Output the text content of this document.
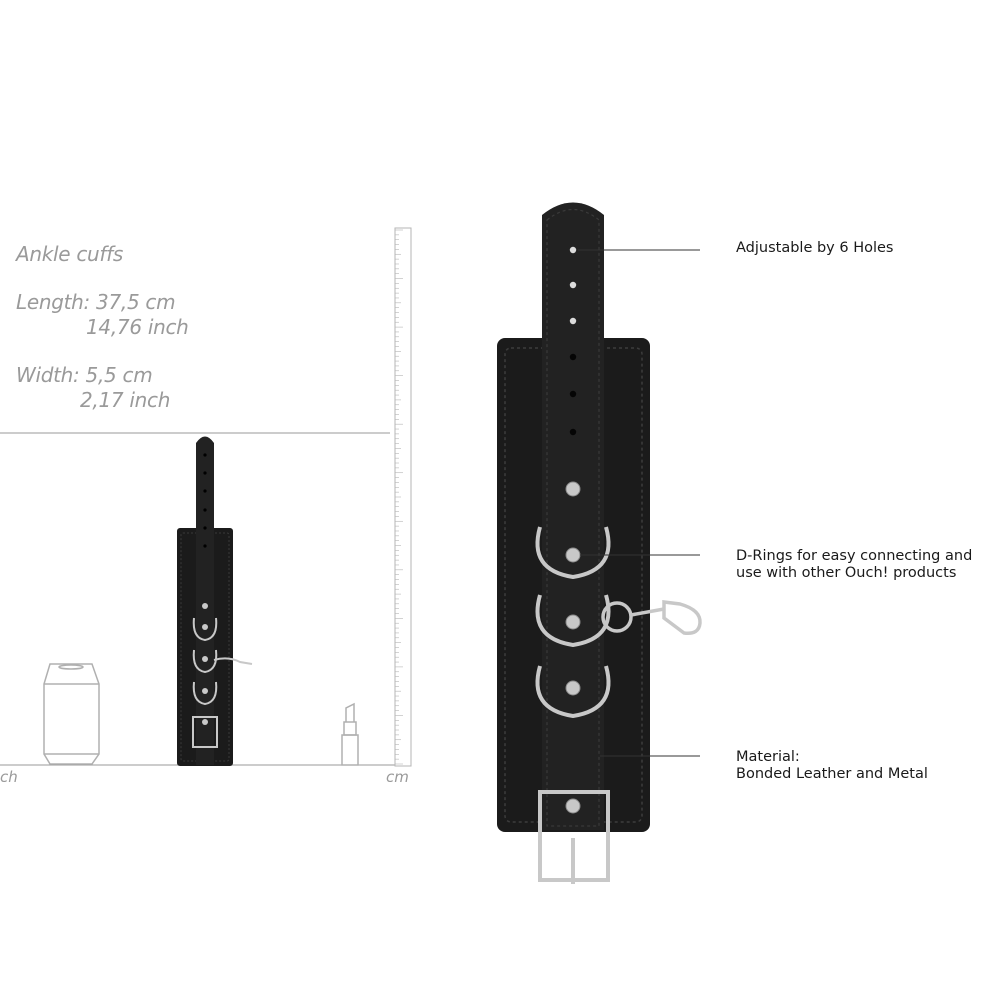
Ankle cuffs
Length: 37,5 cm
14,76 inch
Width: 5,5 cm
2,17 inch
ch	cm
Adjustable by 6 Holes
D-Rings for easy connecting and
use with other Ouch! products
Material:
Bonded Leather and Metal
